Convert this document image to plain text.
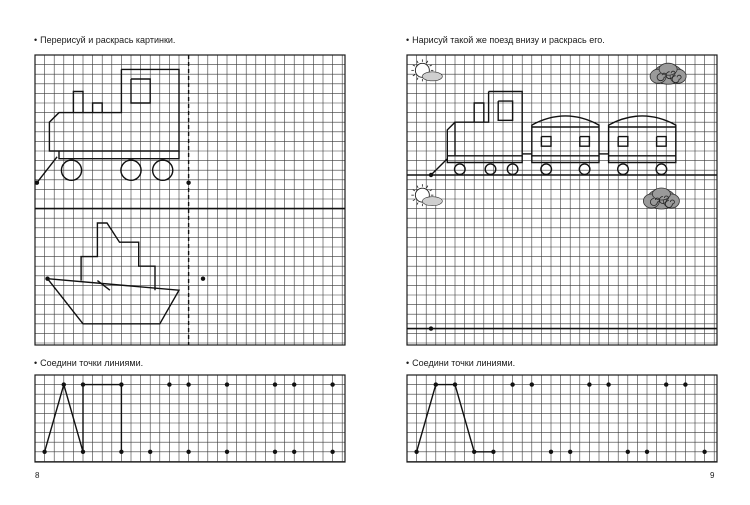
• Перерисуй и раскрась картинки.
• Соедини точки линиями.
8
• Нарисуй такой же поезд внизу и раскрась его.
• Соедини точки линиями.
9
